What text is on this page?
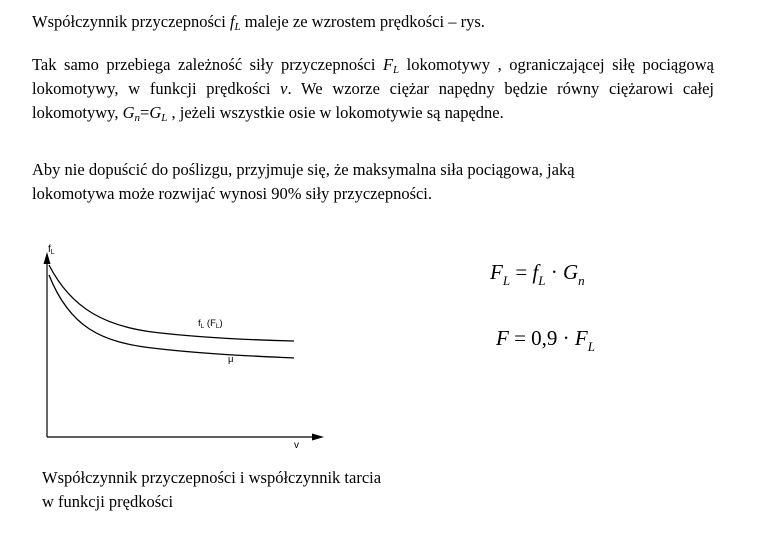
Współczynnik przyczepności $f_L$ maleje ze wzrostem prędkości – rys.
Tak samo przebiega zależność siły przyczepności $F_L$ lokomotywy , ograniczającej siłę pociągową lokomotywy, w funkcji prędkości v. We wzorze ciężar napędny będzie równy ciężarowi całej lokomotywy, $G_n=G_L$ , jeżeli wszystkie osie w lokomotywie są napędne.
Aby nie dopuścić do poślizgu, przyjmuje się, że maksymalna siła pociągowa, jaką
lokomotywa może rozwijać wynosi 90% siły przyczepności.
$f_L$
v
$f_L$ $(F_L)$
μ
$F_L = f_L \cdot G_n$
$F = 0,9 \cdot F_L$
Współczynnik przyczepności i współczynnik tarcia
w funkcji prędkości
